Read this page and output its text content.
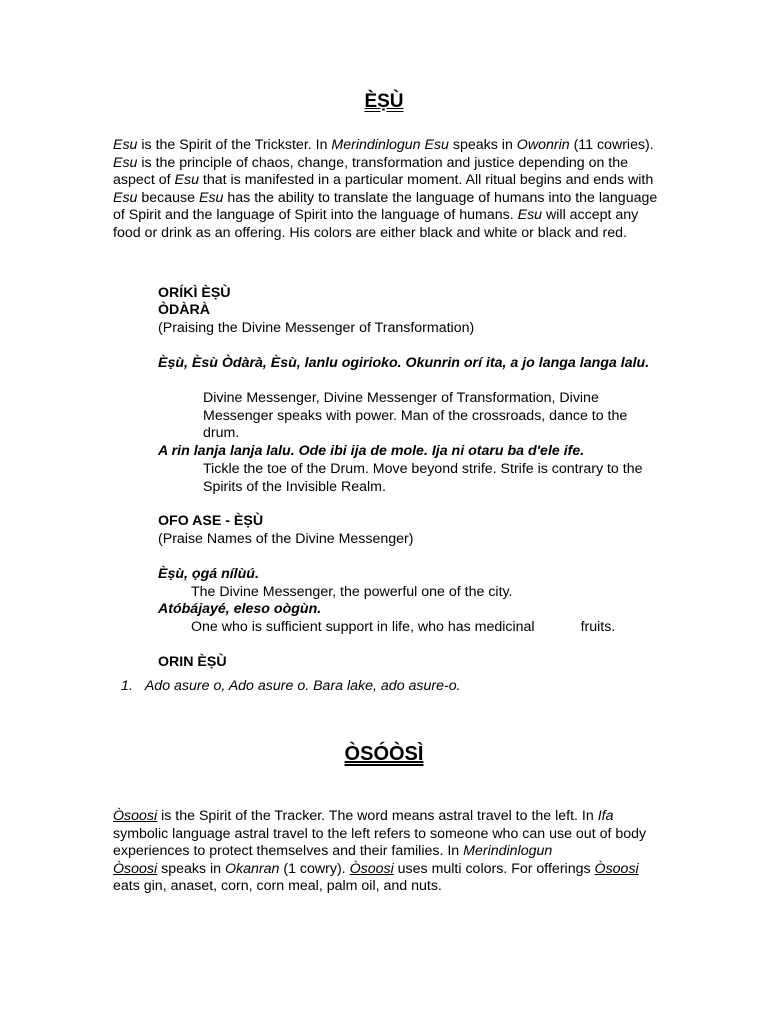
ÈṢÙ

Esu is the Spirit of the Trickster. In Merindinlogun Esu speaks in Owonrin (11 cowries). Esu is the principle of chaos, change, transformation and justice depending on the aspect of Esu that is manifested in a particular moment. All ritual begins and ends with Esu because Esu has the ability to translate the language of humans into the language of Spirit and the language of Spirit into the language of humans. Esu will accept any food or drink as an offering. His colors are either black and white or black and red.

ORÍKÌ ÈṢÙ
ÒDÀRÀ
(Praising the Divine Messenger of Transformation)

Èṣù, Èsù Òdàrà, Èsù, lanlu ogirioko. Okunrin orí ita, a jo langa langa lalu.

Divine Messenger, Divine Messenger of Transformation, Divine Messenger speaks with power. Man of the crossroads, dance to the drum.

A rin lanja lanja lalu. Ode ibi ija de mole. Ija ni otaru ba d'ele ife.

Tickle the toe of the Drum. Move beyond strife. Strife is contrary to the Spirits of the Invisible Realm.

OFO ASE - ÈṢÙ
(Praise Names of the Divine Messenger)
Èṣù, ọgá nílùú.
The Divine Messenger, the powerful one of the city.
Atóbájayé, eleso oògùn.
One who is sufficient support in life, who has medicinal	fruits.
ORIN ÈṢÙ
1. Ado asure o, Ado asure o. Bara lake, ado asure-o.
ÒSÓÒSÌ

Òsoosi is the Spirit of the Tracker. The word means astral travel to the left. In Ifa symbolic language astral travel to the left refers to someone who can use out of body experiences to protect themselves and their families. In Merindinlogun
Òsoosi speaks in Okanran (1 cowry). Òsoosi uses multi colors. For offerings Òsoosi eats gin, anaset, corn, corn meal, palm oil, and nuts.
